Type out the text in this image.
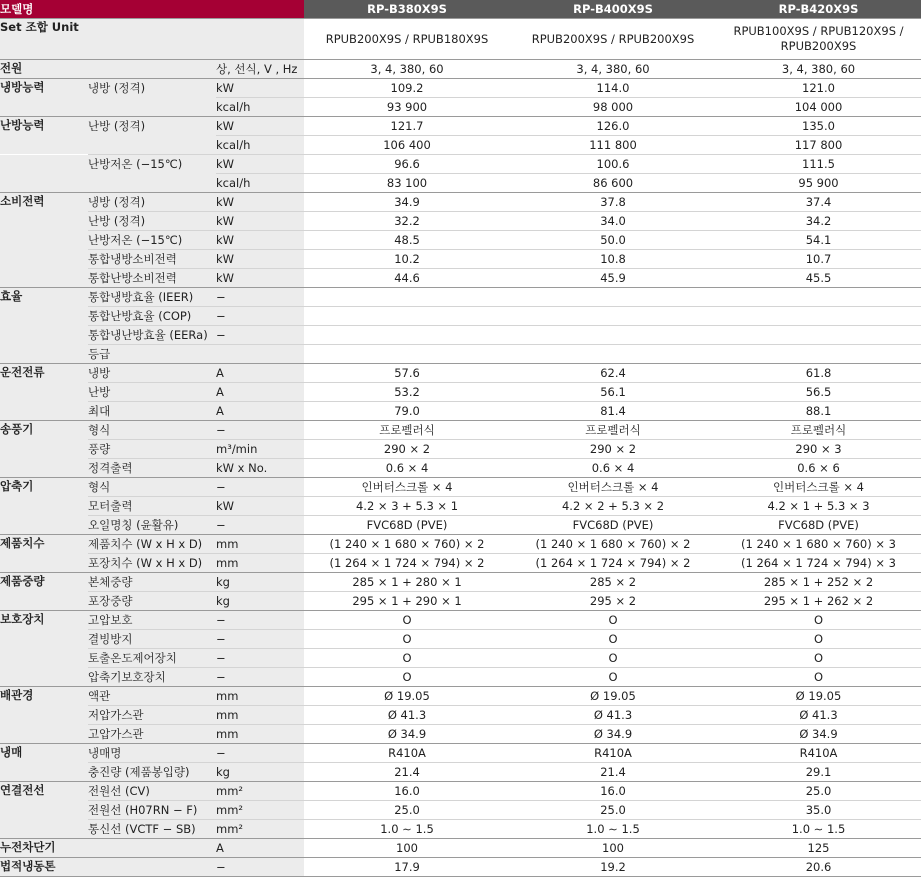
모델명			RP-B380X9S	RP-B400X9S	RP-B420X9S
Set 조합 Unit			RPUB200X9S / RPUB180X9S	RPUB200X9S / RPUB200X9S	RPUB100X9S / RPUB120X9S / RPUB200X9S
전원		상, 선식, V , Hz	3, 4, 380, 60	3, 4, 380, 60	3, 4, 380, 60
냉방능력	냉방 (정격)	kW	109.2	114.0	121.0
		kcal/h	93 900	98 000	104 000
난방능력	난방 (정격)	kW	121.7	126.0	135.0
		kcal/h	106 400	111 800	117 800
	난방저온 (−15℃)	kW	96.6	100.6	111.5
		kcal/h	83 100	86 600	95 900
소비전력	냉방 (정격)	kW	34.9	37.8	37.4
	난방 (정격)	kW	32.2	34.0	34.2
	난방저온 (−15℃)	kW	48.5	50.0	54.1
	통합냉방소비전력	kW	10.2	10.8	10.7
	통합난방소비전력	kW	44.6	45.9	45.5
효율	통합냉방효율 (IEER)	−			
	통합난방효율 (COP)	−			
	통합냉난방효율 (EERa)	−			
	등급				
운전전류	냉방	A	57.6	62.4	61.8
	난방	A	53.2	56.1	56.5
	최대	A	79.0	81.4	88.1
송풍기	형식	−	프로펠러식	프로펠러식	프로펠러식
	풍량	m³/min	290 × 2	290 × 2	290 × 3
	정격출력	kW x No.	0.6 × 4	0.6 × 4	0.6 × 6
압축기	형식	−	인버터스크롤 × 4	인버터스크롤 × 4	인버터스크롤 × 4
	모터출력	kW	4.2 × 3 + 5.3 × 1	4.2 × 2 + 5.3 × 2	4.2 × 1 + 5.3 × 3
	오일명칭 (윤활유)	−	FVC68D (PVE)	FVC68D (PVE)	FVC68D (PVE)
제품치수	제품치수 (W x H x D)	mm	(1 240 × 1 680 × 760) × 2	(1 240 × 1 680 × 760) × 2	(1 240 × 1 680 × 760) × 3
	포장치수 (W x H x D)	mm	(1 264 × 1 724 × 794) × 2	(1 264 × 1 724 × 794) × 2	(1 264 × 1 724 × 794) × 3
제품중량	본체중량	kg	285 × 1 + 280 × 1	285 × 2	285 × 1 + 252 × 2
	포장중량	kg	295 × 1 + 290 × 1	295 × 2	295 × 1 + 262 × 2
보호장치	고압보호	−	O	O	O
	결빙방지	−	O	O	O
	토출온도제어장치	−	O	O	O
	압축기보호장치	−	O	O	O
배관경	액관	mm	Ø 19.05	Ø 19.05	Ø 19.05
	저압가스관	mm	Ø 41.3	Ø 41.3	Ø 41.3
	고압가스관	mm	Ø 34.9	Ø 34.9	Ø 34.9
냉매	냉매명	−	R410A	R410A	R410A
	충진량 (제품봉입량)	kg	21.4	21.4	29.1
연결전선	전원선 (CV)	mm²	16.0	16.0	25.0
	전원선 (H07RN − F)	mm²	25.0	25.0	35.0
	통신선 (VCTF − SB)	mm²	1.0 ∼ 1.5	1.0 ∼ 1.5	1.0 ∼ 1.5
누전차단기		A	100	100	125
법적냉동톤		−	17.9	19.2	20.6
